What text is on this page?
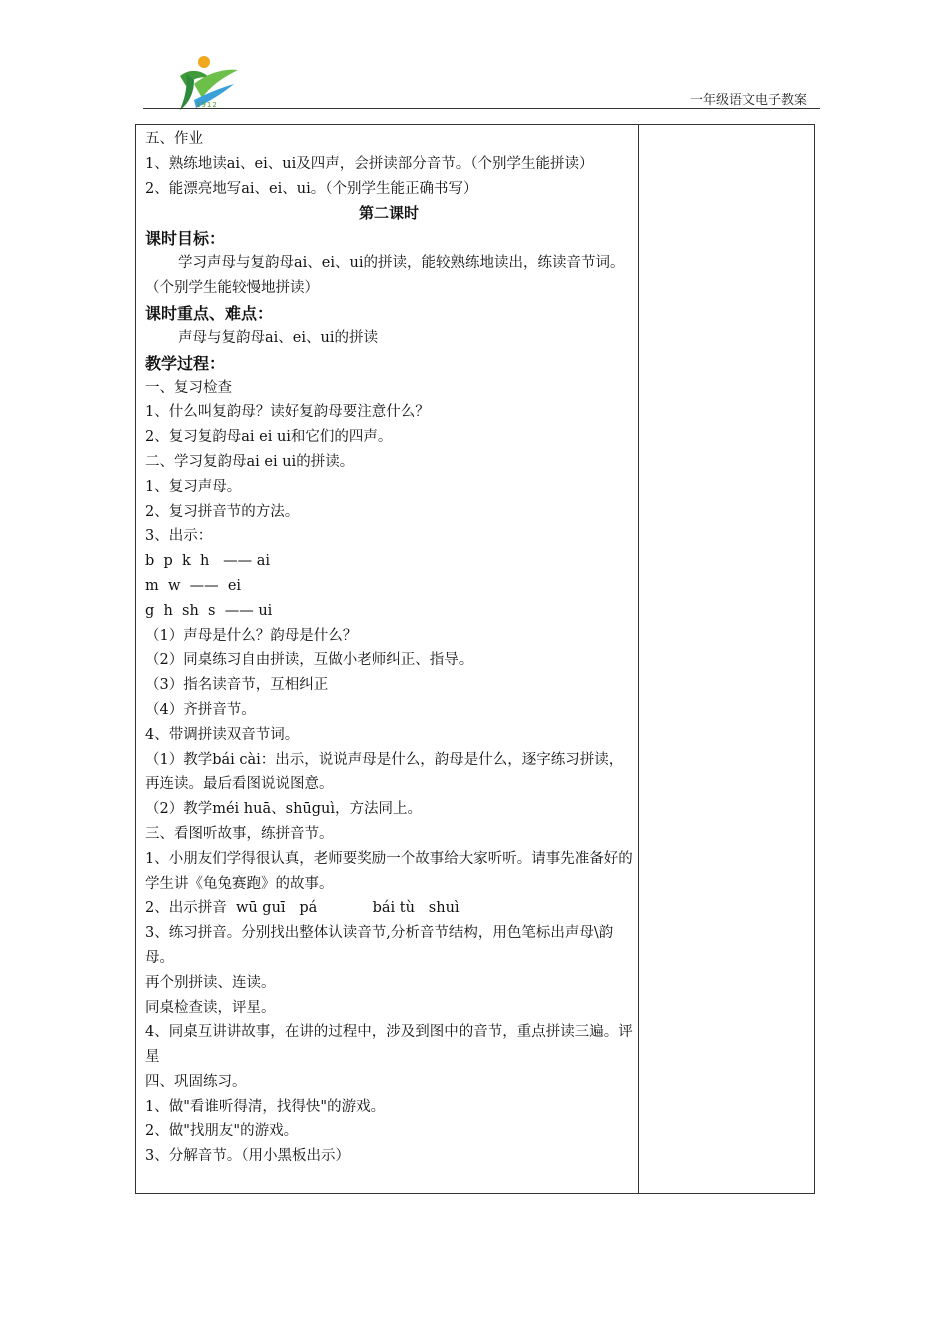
1912	一年级语文电子教案

五、作业

1、熟练地读ai、ei、ui及四声，会拼读部分音节。（个别学生能拼读）

2、能漂亮地写ai、ei、ui。（个别学生能正确书写）

第二课时

课时目标：

学习声母与复韵母ai、ei、ui的拼读，能较熟练地读出，练读音节词。（个别学生能较慢地拼读）

课时重点、难点：

声母与复韵母ai、ei、ui的拼读

教学过程：

一、复习检查

1、什么叫复韵母？读好复韵母要注意什么？

2、复习复韵母ai ei ui和它们的四声。

二、学习复韵母ai ei ui的拼读。

1、复习声母。

2、复习拼音节的方法。

3、出示：

b  p  k  h   —— ai

m  w  ——  ei

g  h  sh  s  —— ui

（1）声母是什么？韵母是什么？

（2）同桌练习自由拼读，互做小老师纠正、指导。

（3）指名读音节，互相纠正

（4）齐拼音节。

4、带调拼读双音节词。

（1）教学bái cài：出示，说说声母是什么，韵母是什么，逐字练习拼读，再连读。最后看图说说图意。

（2）教学méi huā、shūguì，方法同上。

三、看图听故事，练拼音节。

1、小朋友们学得很认真，老师要奖励一个故事给大家听听。请事先准备好的学生讲《龟兔赛跑》的故事。

2、出示拼音  wū guī   pá            bái tù   shuì

3、练习拼音。分别找出整体认读音节,分析音节结构，用色笔标出声母\韵母。

再个别拼读、连读。

同桌检查读，评星。

4、同桌互讲讲故事，在讲的过程中，涉及到图中的音节，重点拼读三遍。评星

四、巩固练习。

1、做"看谁听得清，找得快"的游戏。

2、做"找朋友"的游戏。

3、分解音节。（用小黑板出示）
